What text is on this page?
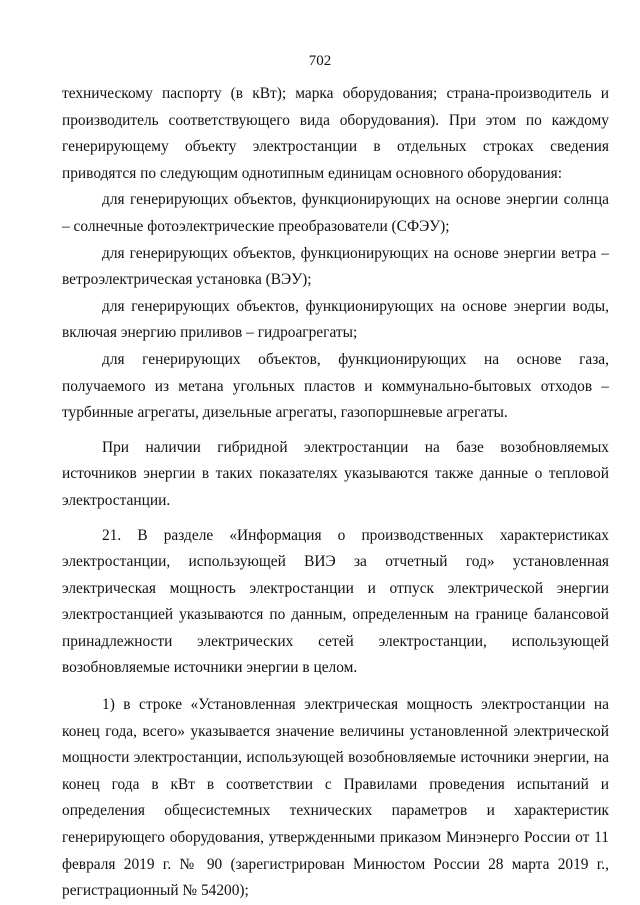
702

техническому паспорту (в кВт); марка оборудования; страна-производитель и производитель соответствующего вида оборудования). При этом по каждому генерирующему объекту электростанции в отдельных строках сведения приводятся по следующим однотипным единицам основного оборудования:

для генерирующих объектов, функционирующих на основе энергии солнца – солнечные фотоэлектрические преобразователи (СФЭУ);

для генерирующих объектов, функционирующих на основе энергии ветра – ветроэлектрическая установка (ВЭУ);

для генерирующих объектов, функционирующих на основе энергии воды, включая энергию приливов – гидроагрегаты;

для генерирующих объектов, функционирующих на основе газа, получаемого из метана угольных пластов и коммунально-бытовых отходов – турбинные агрегаты, дизельные агрегаты, газопоршневые агрегаты.

При наличии гибридной электростанции на базе возобновляемых источников энергии в таких показателях указываются также данные о тепловой электростанции.

21. В разделе «Информация о производственных характеристиках электростанции, использующей ВИЭ за отчетный год» установленная электрическая мощность электростанции и отпуск электрической энергии электростанцией указываются по данным, определенным на границе балансовой принадлежности электрических сетей электростанции, использующей возобновляемые источники энергии в целом.

1) в строке «Установленная электрическая мощность электростанции на конец года, всего» указывается значение величины установленной электрической мощности электростанции, использующей возобновляемые источники энергии, на конец года в кВт в соответствии с Правилами проведения испытаний и определения общесистемных технических параметров и характеристик генерирующего оборудования, утвержденными приказом Минэнерго России от 11 февраля 2019 г. № 90 (зарегистрирован Минюстом России 28 марта 2019 г., регистрационный № 54200);
